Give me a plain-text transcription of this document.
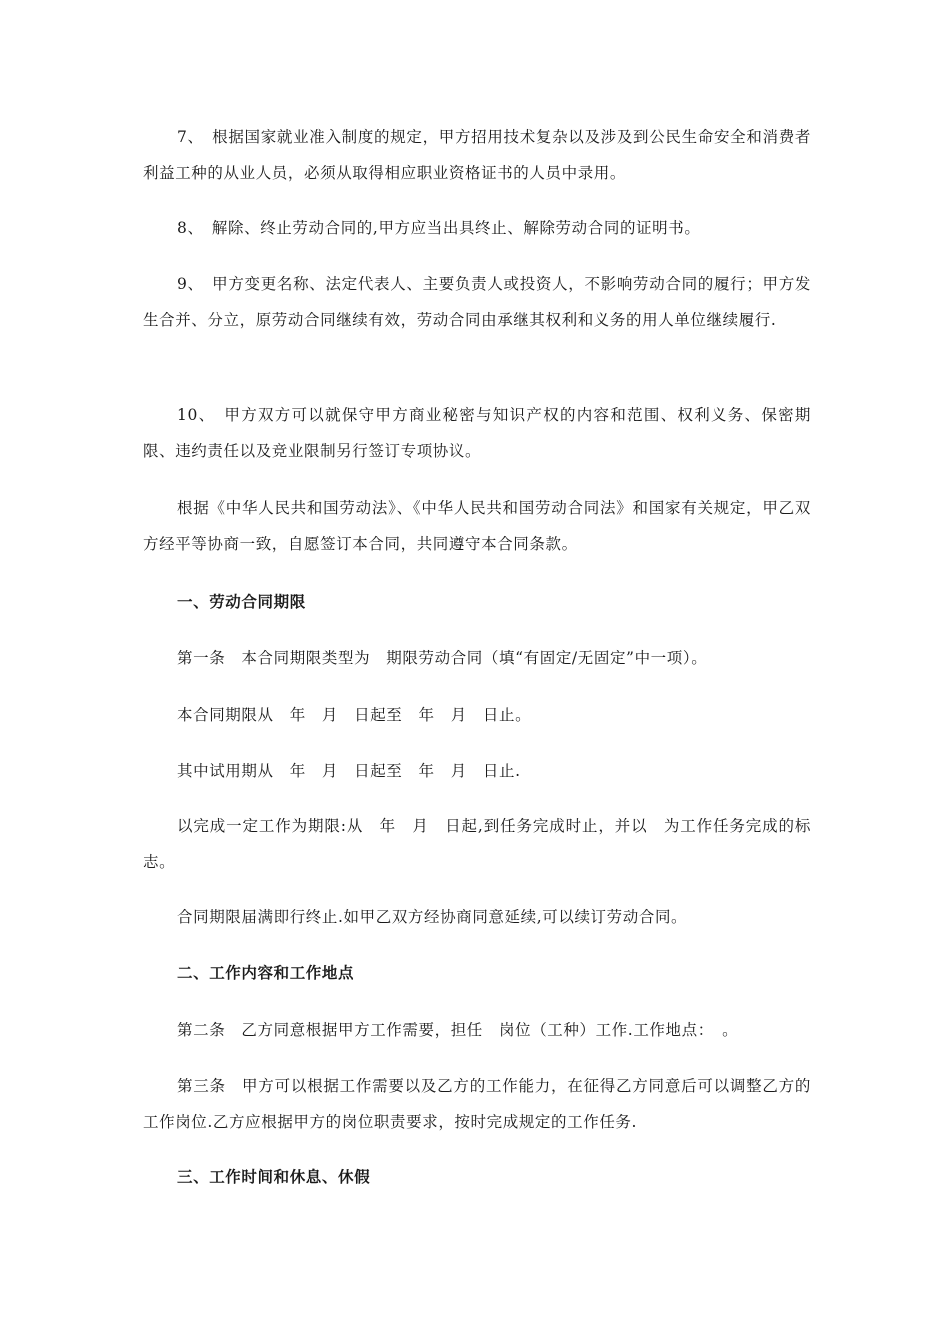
7、　根据国家就业准入制度的规定，甲方招用技术复杂以及涉及到公民生命安全和消费者利益工种的从业人员，必须从取得相应职业资格证书的人员中录用。

8、　解除、终止劳动合同的,甲方应当出具终止、解除劳动合同的证明书。

9、　甲方变更名称、法定代表人、主要负责人或投资人，不影响劳动合同的履行；甲方发生合并、分立，原劳动合同继续有效，劳动合同由承继其权利和义务的用人单位继续履行.

10、　甲方双方可以就保守甲方商业秘密与知识产权的内容和范围、权利义务、保密期限、违约责任以及竞业限制另行签订专项协议。

根据《中华人民共和国劳动法》、《中华人民共和国劳动合同法》和国家有关规定，甲乙双方经平等协商一致，自愿签订本合同，共同遵守本合同条款。

一、劳动合同期限

第一条　本合同期限类型为　期限劳动合同（填“有固定/无固定”中一项）。

本合同期限从　年　月　日起至　年　月　日止。

其中试用期从　年　月　日起至　年　月　日止.

以完成一定工作为期限:从　年　月　日起,到任务完成时止，并以　为工作任务完成的标志。

合同期限届满即行终止.如甲乙双方经协商同意延续,可以续订劳动合同。

二、工作内容和工作地点

第二条　乙方同意根据甲方工作需要，担任　岗位（工种）工作.工作地点：　。

第三条　甲方可以根据工作需要以及乙方的工作能力，在征得乙方同意后可以调整乙方的工作岗位.乙方应根据甲方的岗位职责要求，按时完成规定的工作任务.

三、工作时间和休息、休假
